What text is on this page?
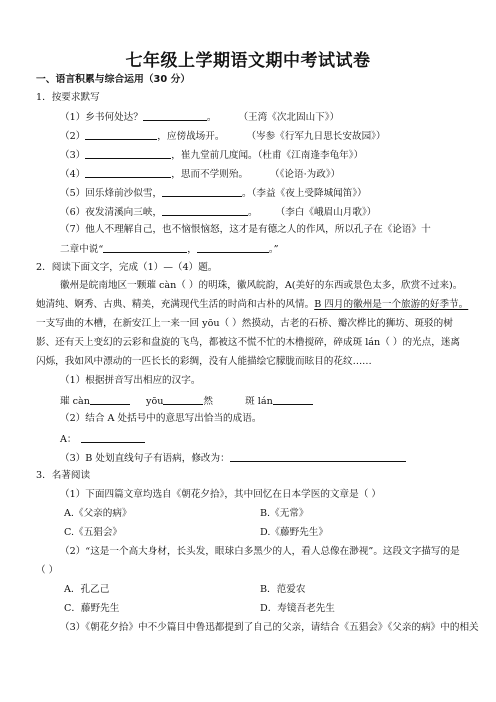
七年级上学期语文期中考试试卷
一、语言积累与综合运用（30 分）
1．按要求默写
（1）乡书何处达？	。 （王湾《次北固山下》）
（2）	，应傍战场开。 （岑参《行军九日思长安故园》）
（3）	，崔九堂前几度闻。（杜甫《江南逢李龟年》）
（4）	，思而不学则殆。 （《论语·为政》）
（5）回乐烽前沙似雪，	。（李益《夜上受降城闻笛》）
（6）夜发清溪向三峡，	。 （李白《峨眉山月歌》）
（7）他人不理解自己，也不恼恨恼怒，这才是有德之人的作风，所以孔子在《论语》十
二章中说“	，	。”
2．阅读下面文字，完成（1）—（4）题。
徽州是皖南地区一颗璀 càn（ ）的明珠，徽风皖韵，A(美好的东西或景色太多，欣赏不过来)。
她清纯、婀秀、古典、精美，充满现代生活的时尚和古朴的风情。B 四月的徽州是一个旅游的好季节。
一支写曲的木槽，在新安江上一来一回 yōu（ ）然摸动，古老的石桥、瓣次桦比的狮坊、斑驳的树
影、还有天上变幻的云彩和盘旋的飞鸟，都被这不慌不忙的木橹搅碎，碎成斑 lán（ ）的光点，迷离
闪烁，我如风中漂动的一匹长长的彩绸，没有人能描绘它朦胧而眩目的花纹……
（1）根据拼音写出相应的汉字。
璀 càn	yōu	然	斑 lán
（2）结合 A 处括号中的意思写出恰当的成语。
A：
（3）B 处划直线句子有语病，修改为：
3．名著阅读
（1）下面四篇文章均选自《朝花夕拾》，其中回忆在日本学医的文章是（ ）
A.《父亲的病》	B.《无常》
C.《五猖会》	D.《藤野先生》
（2）“这是一个高大身材，长头发，眼球白多黑少的人，看人总像在渺视”。这段文字描写的是
（ ）
A．孔乙己	B．范爱农
C．藤野先生	D．寿镜吾老先生
（3）《朝花夕拾》中不少篇目中鲁迅都提到了自己的父亲，请结合《五猖会》《父亲的病》中的相关
